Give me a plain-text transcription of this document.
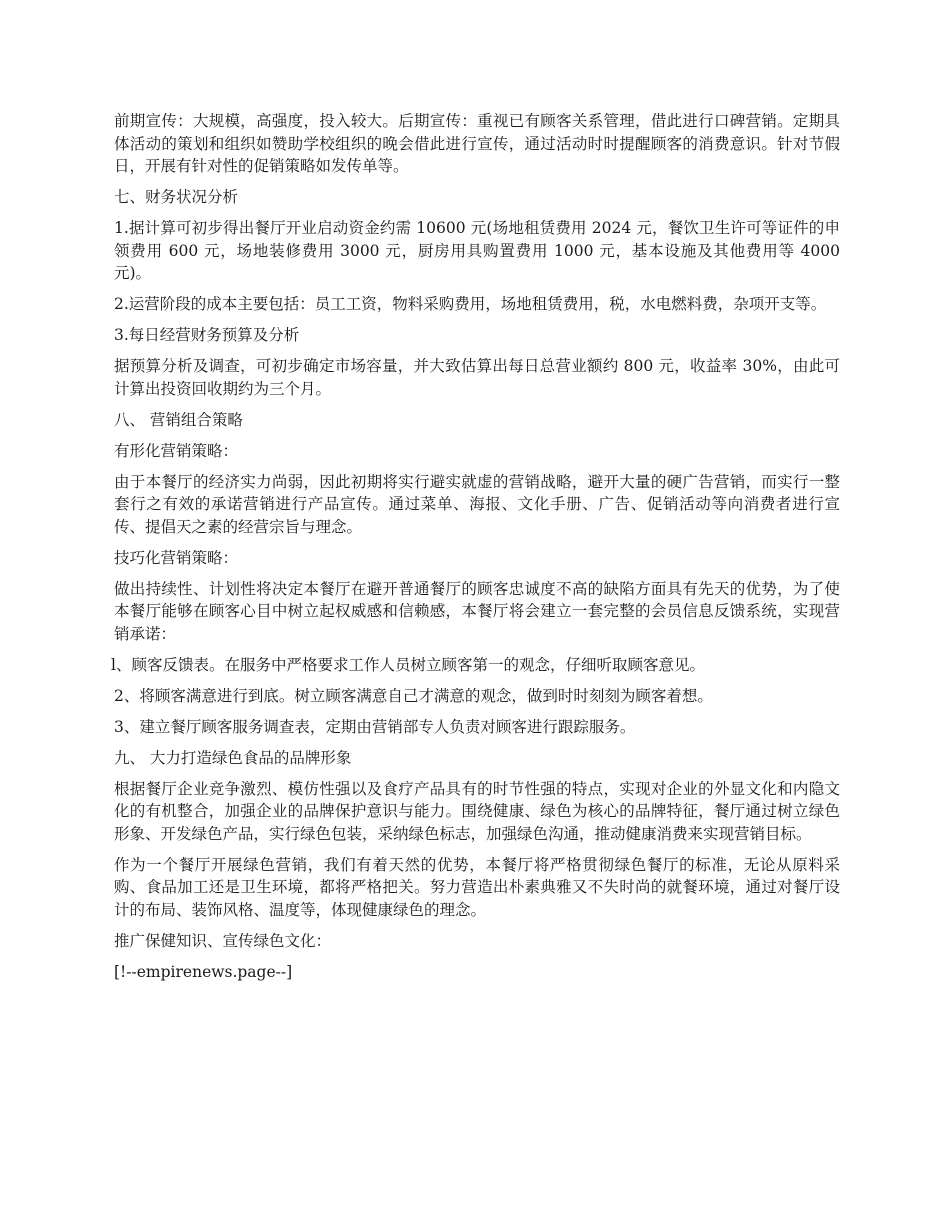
前期宣传：大规模，高强度，投入较大。后期宣传：重视已有顾客关系管理，借此进行口碑营销。定期具体活动的策划和组织如赞助学校组织的晚会借此进行宣传，通过活动时时提醒顾客的消费意识。针对节假日，开展有针对性的促销策略如发传单等。

七、财务状况分析

1.据计算可初步得出餐厅开业启动资金约需 10600 元(场地租赁费用 2024 元，餐饮卫生许可等证件的申领费用 600 元，场地装修费用 3000 元，厨房用具购置费用 1000 元，基本设施及其他费用等 4000 元)。

2.运营阶段的成本主要包括：员工工资，物料采购费用，场地租赁费用，税，水电燃料费，杂项开支等。

3.每日经营财务预算及分析

据预算分析及调查，可初步确定市场容量，并大致估算出每日总营业额约 800 元，收益率 30%，由此可计算出投资回收期约为三个月。

八、 营销组合策略

有形化营销策略：

由于本餐厅的经济实力尚弱，因此初期将实行避实就虚的营销战略，避开大量的硬广告营销，而实行一整套行之有效的承诺营销进行产品宣传。通过菜单、海报、文化手册、广告、促销活动等向消费者进行宣传、提倡天之素的经营宗旨与理念。

技巧化营销策略：

做出持续性、计划性将决定本餐厅在避开普通餐厅的顾客忠诚度不高的缺陷方面具有先天的优势，为了使本餐厅能够在顾客心目中树立起权威感和信赖感，本餐厅将会建立一套完整的会员信息反馈系统，实现营销承诺：

l、顾客反馈表。在服务中严格要求工作人员树立顾客第一的观念，仔细听取顾客意见。

2、将顾客满意进行到底。树立顾客满意自己才满意的观念，做到时时刻刻为顾客着想。

3、建立餐厅顾客服务调查表，定期由营销部专人负责对顾客进行跟踪服务。

九、 大力打造绿色食品的品牌形象

根据餐厅企业竞争激烈、模仿性强以及食疗产品具有的时节性强的特点，实现对企业的外显文化和内隐文化的有机整合，加强企业的品牌保护意识与能力。围绕健康、绿色为核心的品牌特征，餐厅通过树立绿色形象、开发绿色产品，实行绿色包装，采纳绿色标志，加强绿色沟通，推动健康消费来实现营销目标。

作为一个餐厅开展绿色营销，我们有着天然的优势，本餐厅将严格贯彻绿色餐厅的标准，无论从原料采购、食品加工还是卫生环境，都将严格把关。努力营造出朴素典雅又不失时尚的就餐环境，通过对餐厅设计的布局、装饰风格、温度等，体现健康绿色的理念。

推广保健知识、宣传绿色文化：

[!--empirenews.page--]
